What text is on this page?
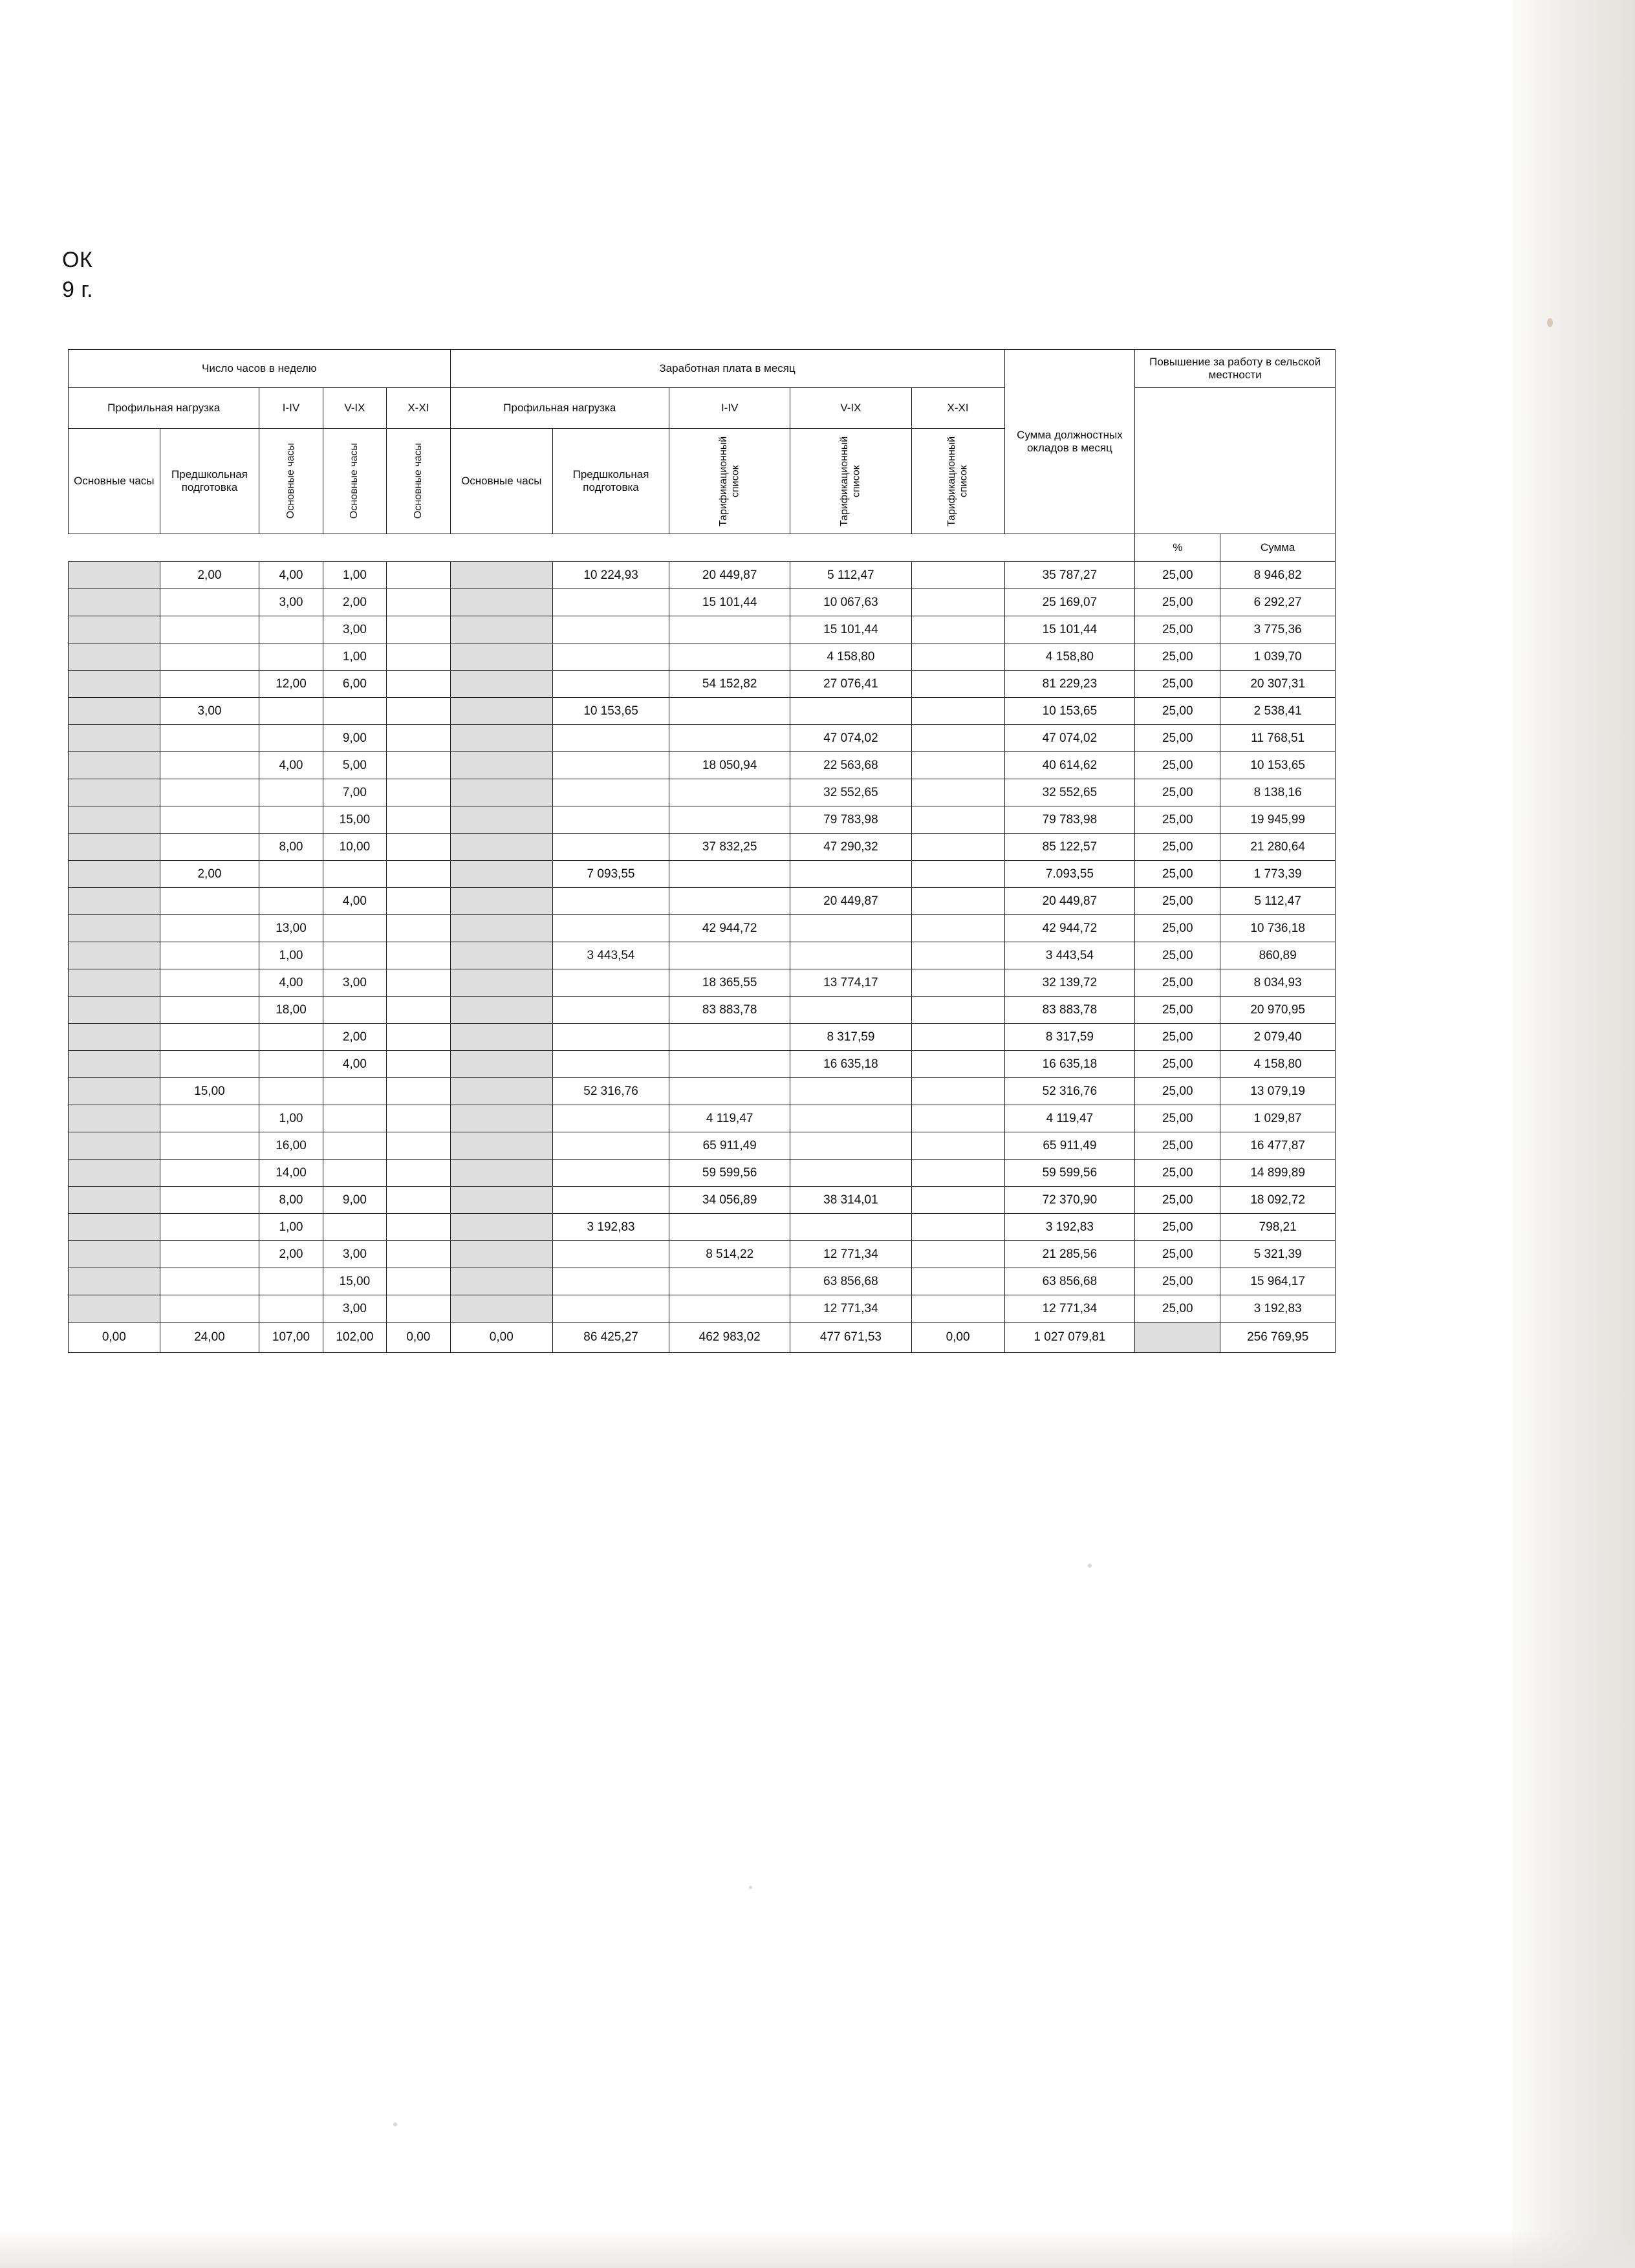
ОК
9 г.
Число часов в неделю					Заработная плата в месяц					Сумма должностных окладов в месяц	Повышение за работу в сельской местности	
Профильная нагрузка		I-IV	V-IX	X-XI	Профильная нагрузка		I-IV	V-IX	X-XI			
Основные часы	Предшкольная подготовка	Основные часы	Основные часы	Основные часы	Основные часы	Предшкольная подготовка	Тарификационный список	Тарификационный список	Тарификационный список			

											%	Сумма
	2,00	4,00	1,00			10 224,93	20 449,87	5 112,47		35 787,27	25,00	8 946,82
		3,00	2,00				15 101,44	10 067,63		25 169,07	25,00	6 292,27
			3,00					15 101,44		15 101,44	25,00	3 775,36
			1,00					4 158,80		4 158,80	25,00	1 039,70
		12,00	6,00				54 152,82	27 076,41		81 229,23	25,00	20 307,31
	3,00					10 153,65				10 153,65	25,00	2 538,41
			9,00					47 074,02		47 074,02	25,00	11 768,51
		4,00	5,00				18 050,94	22 563,68		40 614,62	25,00	10 153,65
			7,00					32 552,65		32 552,65	25,00	8 138,16
			15,00					79 783,98		79 783,98	25,00	19 945,99
		8,00	10,00				37 832,25	47 290,32		85 122,57	25,00	21 280,64
	2,00					7 093,55				7.093,55	25,00	1 773,39
			4,00					20 449,87		20 449,87	25,00	5 112,47
		13,00					42 944,72			42 944,72	25,00	10 736,18
		1,00				3 443,54				3 443,54	25,00	860,89
		4,00	3,00				18 365,55	13 774,17		32 139,72	25,00	8 034,93
		18,00					83 883,78			83 883,78	25,00	20 970,95
			2,00					8 317,59		8 317,59	25,00	2 079,40
			4,00					16 635,18		16 635,18	25,00	4 158,80
	15,00					52 316,76				52 316,76	25,00	13 079,19
		1,00					4 119,47			4 119,47	25,00	1 029,87
		16,00					65 911,49			65 911,49	25,00	16 477,87
		14,00					59 599,56			59 599,56	25,00	14 899,89
		8,00	9,00				34 056,89	38 314,01		72 370,90	25,00	18 092,72
		1,00				3 192,83				3 192,83	25,00	798,21
		2,00	3,00				8 514,22	12 771,34		21 285,56	25,00	5 321,39
			15,00					63 856,68		63 856,68	25,00	15 964,17
			3,00					12 771,34		12 771,34	25,00	3 192,83
0,00	24,00	107,00	102,00	0,00	0,00	86 425,27	462 983,02	477 671,53	0,00	1 027 079,81		256 769,95
